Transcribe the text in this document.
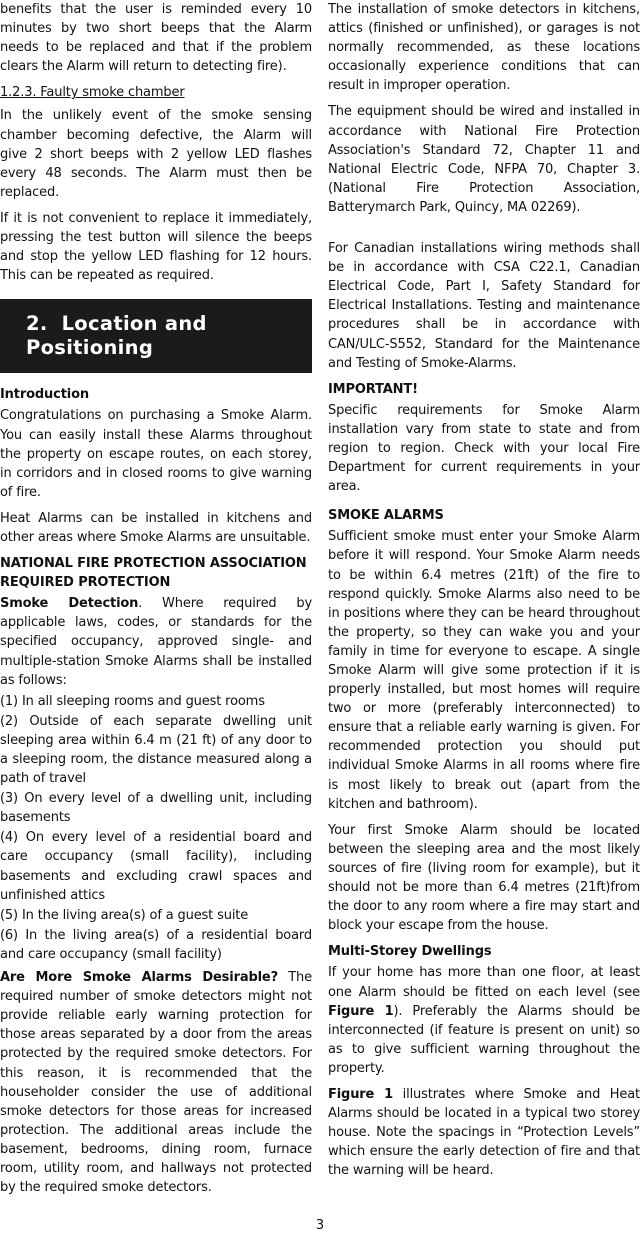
benefits that the user is reminded every 10 minutes by two short beeps that the Alarm needs to be replaced and that if the problem clears the Alarm will return to detecting fire).

1.2.3. Faulty smoke chamber

In the unlikely event of the smoke sensing chamber becoming defective, the Alarm will give 2 short beeps with 2 yellow LED flashes every 48 seconds. The Alarm must then be replaced.

If it is not convenient to replace it immediately, pressing the test button will silence the beeps and stop the yellow LED flashing for 12 hours. This can be repeated as required.

2. Location and Positioning
Introduction

Congratulations on purchasing a Smoke Alarm. You can easily install these Alarms throughout the property on escape routes, on each storey, in corridors and in closed rooms to give warning of fire.

Heat Alarms can be installed in kitchens and other areas where Smoke Alarms are unsuitable.

NATIONAL FIRE PROTECTION ASSOCIATION REQUIRED PROTECTION

Smoke Detection. Where required by applicable laws, codes, or standards for the specified occupancy, approved single- and multiple-station Smoke Alarms shall be installed as follows:

(1) In all sleeping rooms and guest rooms
(2) Outside of each separate dwelling unit sleeping area within 6.4 m (21 ft) of any door to a sleeping room, the distance measured along a path of travel
(3) On every level of a dwelling unit, including basements
(4) On every level of a residential board and care occupancy (small facility), including basements and excluding crawl spaces and unfinished attics
(5) In the living area(s) of a guest suite
(6) In the living area(s) of a residential board and care occupancy (small facility)

Are More Smoke Alarms Desirable? The required number of smoke detectors might not provide reliable early warning protection for those areas separated by a door from the areas protected by the required smoke detectors. For this reason, it is recommended that the householder consider the use of additional smoke detectors for those areas for increased protection. The additional areas include the basement, bedrooms, dining room, furnace room, utility room, and hallways not protected by the required smoke detectors.

The installation of smoke detectors in kitchens, attics (finished or unfinished), or garages is not normally recommended, as these locations occasionally experience conditions that can result in improper operation.

The equipment should be wired and installed in accordance with National Fire Protection Association's Standard 72, Chapter 11 and National Electric Code, NFPA 70, Chapter 3. (National Fire Protection Association, Batterymarch Park, Quincy, MA 02269).

For Canadian installations wiring methods shall be in accordance with CSA C22.1, Canadian Electrical Code, Part I, Safety Standard for Electrical Installations. Testing and maintenance procedures shall be in accordance with CAN/ULC-S552, Standard for the Maintenance and Testing of Smoke-Alarms.

IMPORTANT!

Specific requirements for Smoke Alarm installation vary from state to state and from region to region. Check with your local Fire Department for current requirements in your area.

SMOKE ALARMS

Sufficient smoke must enter your Smoke Alarm before it will respond. Your Smoke Alarm needs to be within 6.4 metres (21ft) of the fire to respond quickly. Smoke Alarms also need to be in positions where they can be heard throughout the property, so they can wake you and your family in time for everyone to escape. A single Smoke Alarm will give some protection if it is properly installed, but most homes will require two or more (preferably interconnected) to ensure that a reliable early warning is given. For recommended protection you should put individual Smoke Alarms in all rooms where fire is most likely to break out (apart from the kitchen and bathroom).

Your first Smoke Alarm should be located between the sleeping area and the most likely sources of fire (living room for example), but it should not be more than 6.4 metres (21ft)from the door to any room where a fire may start and block your escape from the house.

Multi-Storey Dwellings

If your home has more than one floor, at least one Alarm should be fitted on each level (see Figure 1). Preferably the Alarms should be interconnected (if feature is present on unit) so as to give sufficient warning throughout the property.

Figure 1 illustrates where Smoke and Heat Alarms should be located in a typical two storey house. Note the spacings in “Protection Levels” which ensure the early detection of fire and that the warning will be heard.

3
